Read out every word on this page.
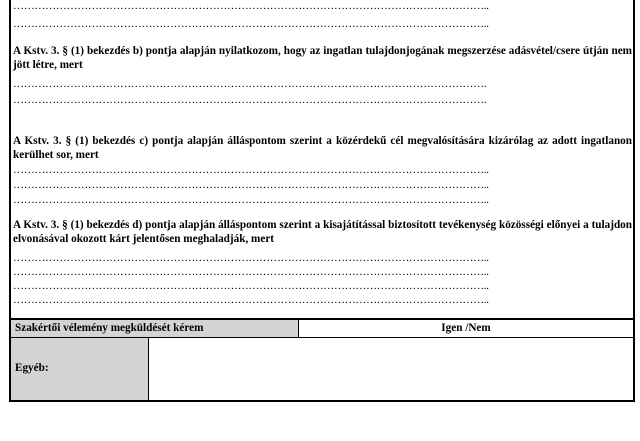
……………………………………………………………………………………………………………………..
……………………………………………………………………………………………………………………..
A Kstv. 3. § (1) bekezdés b) pontja alapján nyilatkozom, hogy az ingatlan tulajdonjogának megszerzése adásvétel/csere útján nem jött létre, mert
…………………………………………………………………………………………………………………….
…………………………………………………………………………………………………………………….
A Kstv. 3. § (1) bekezdés c) pontja alapján álláspontom szerint a közérdekű cél megvalósítására kizárólag az adott ingatlanon kerülhet sor, mert
……………………………………………………………………………………………………………………..
……………………………………………………………………………………………………………………..
……………………………………………………………………………………………………………………..
A Kstv. 3. § (1) bekezdés d) pontja alapján álláspontom szerint a kisajátítással biztosított tevékenység közösségi előnyei a tulajdon elvonásával okozott kárt jelentősen meghaladják, mert
……………………………………………………………………………………………………………………..
……………………………………………………………………………………………………………………..
……………………………………………………………………………………………………………………..
……………………………………………………………………………………………………………………..
Szakértői vélemény megküldését kérem	Igen /Nem
Egyéb:
